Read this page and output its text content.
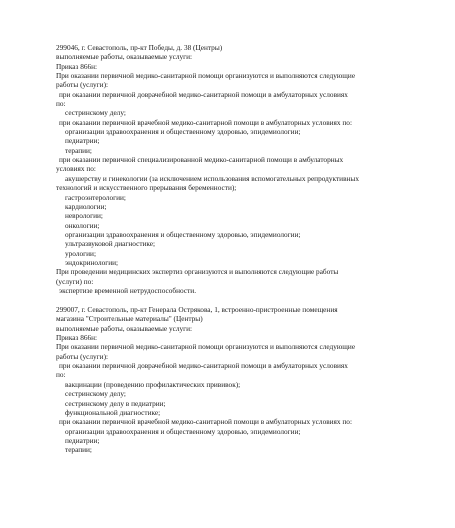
299046, г. Севастополь, пр-кт Победы, д. 38 (Центры)
выполняемые работы, оказываемые услуги:
Приказ 866н:
При оказании первичной медико-санитарной помощи организуются и выполняются следующие
работы (услуги):
при оказании первичной доврачебной медико-санитарной помощи в амбулаторных условиях
по:
сестринскому делу;
при оказании первичной врачебной медико-санитарной помощи в амбулаторных условиях по:
организации здравоохранения и общественному здоровью, эпидемиологии;
педиатрии;
терапии;
при оказании первичной специализированной медико-санитарной помощи в амбулаторных
условиях по:
акушерству и гинекологии (за исключением использования вспомогательных репродуктивных
технологий и искусственного прерывания беременности);
гастроэнтерологии;
кардиологии;
неврологии;
онкологии;
организации здравоохранения и общественному здоровью, эпидемиологии;
ультразвуковой диагностике;
урологии;
эндокринологии;
При проведении медицинских экспертиз организуются и выполняются следующие работы
(услуги) по:
экспертизе временной нетрудоспособности.
299007, г. Севастополь, пр-кт Генерала Острякова, 1, встроенно-пристроенные помещения
магазина "Строительные материалы" (Центры)
выполняемые работы, оказываемые услуги:
Приказ 866н:
При оказании первичной медико-санитарной помощи организуются и выполняются следующие
работы (услуги):
при оказании первичной доврачебной медико-санитарной помощи в амбулаторных условиях
по:
вакцинации (проведению профилактических прививок);
сестринскому делу;
сестринскому делу в педиатрии;
функциональной диагностике;
при оказании первичной врачебной медико-санитарной помощи в амбулаторных условиях по:
организации здравоохранения и общественному здоровью, эпидемиологии;
педиатрии;
терапии;
